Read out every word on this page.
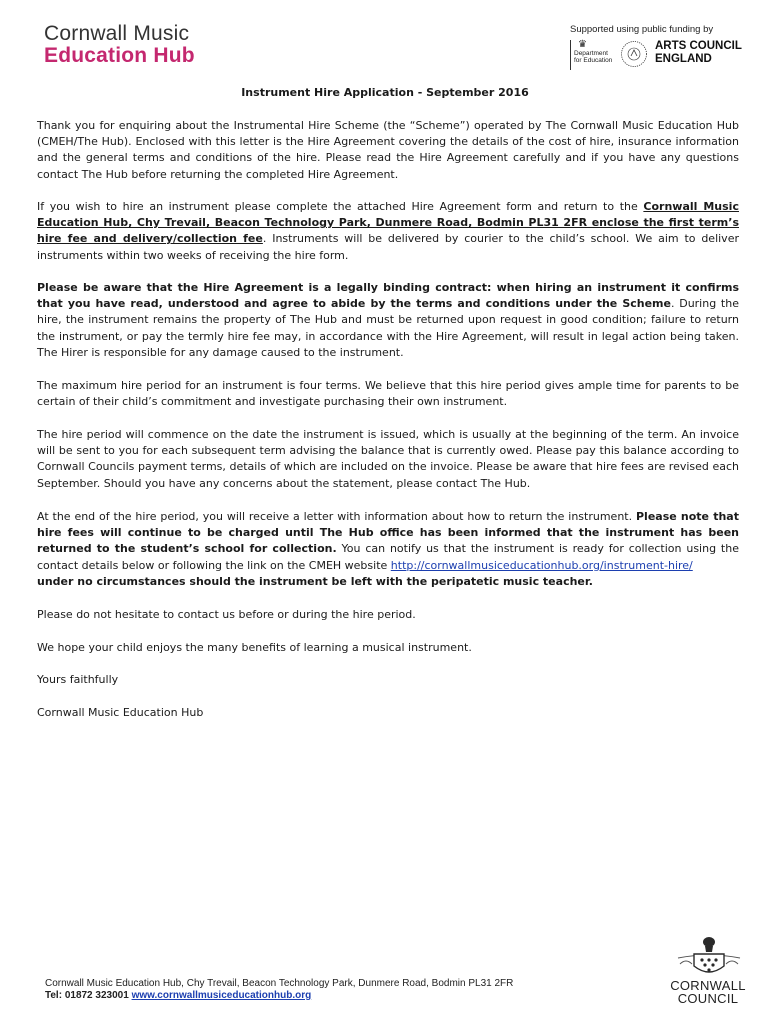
Cornwall Music
Education Hub
Supported using public funding by
♛
Department
for Education
ARTS COUNCIL
ENGLAND
Instrument Hire Application - September 2016

Thank you for enquiring about the Instrumental Hire Scheme (the “Scheme”) operated by The Cornwall Music Education Hub (CMEH/The Hub). Enclosed with this letter is the Hire Agreement covering the details of the cost of hire, insurance information and the general terms and conditions of the hire. Please read the Hire Agreement carefully and if you have any questions contact The Hub before returning the completed Hire Agreement.

If you wish to hire an instrument please complete the attached Hire Agreement form and return to the Cornwall Music Education Hub, Chy Trevail, Beacon Technology Park, Dunmere Road, Bodmin PL31 2FR enclose the first term’s hire fee and delivery/collection fee. Instruments will be delivered by courier to the child’s school. We aim to deliver instruments within two weeks of receiving the hire form.

Please be aware that the Hire Agreement is a legally binding contract: when hiring an instrument it confirms that you have read, understood and agree to abide by the terms and conditions under the Scheme. During the hire, the instrument remains the property of The Hub and must be returned upon request in good condition; failure to return the instrument, or pay the termly hire fee may, in accordance with the Hire Agreement, will result in legal action being taken. The Hirer is responsible for any damage caused to the instrument.

The maximum hire period for an instrument is four terms. We believe that this hire period gives ample time for parents to be certain of their child’s commitment and investigate purchasing their own instrument.

The hire period will commence on the date the instrument is issued, which is usually at the beginning of the term. An invoice will be sent to you for each subsequent term advising the balance that is currently owed. Please pay this balance according to Cornwall Councils payment terms, details of which are included on the invoice. Please be aware that hire fees are revised each September. Should you have any concerns about the statement, please contact The Hub.

At the end of the hire period, you will receive a letter with information about how to return the instrument. Please note that hire fees will continue to be charged until The Hub office has been informed that the instrument has been returned to the student’s school for collection. You can notify us that the instrument is ready for collection using the contact details below or following the link on the CMEH website http://cornwallmusiceducationhub.org/instrument-hire/
under no circumstances should the instrument be left with the peripatetic music teacher.

Please do not hesitate to contact us before or during the hire period.

We hope your child enjoys the many benefits of learning a musical instrument.

Yours faithfully

Cornwall Music Education Hub

Cornwall Music Education Hub, Chy Trevail, Beacon Technology Park, Dunmere Road, Bodmin PL31 2FR
Tel: 01872 323001 www.cornwallmusiceducationhub.org
CORNWALL
COUNCIL
